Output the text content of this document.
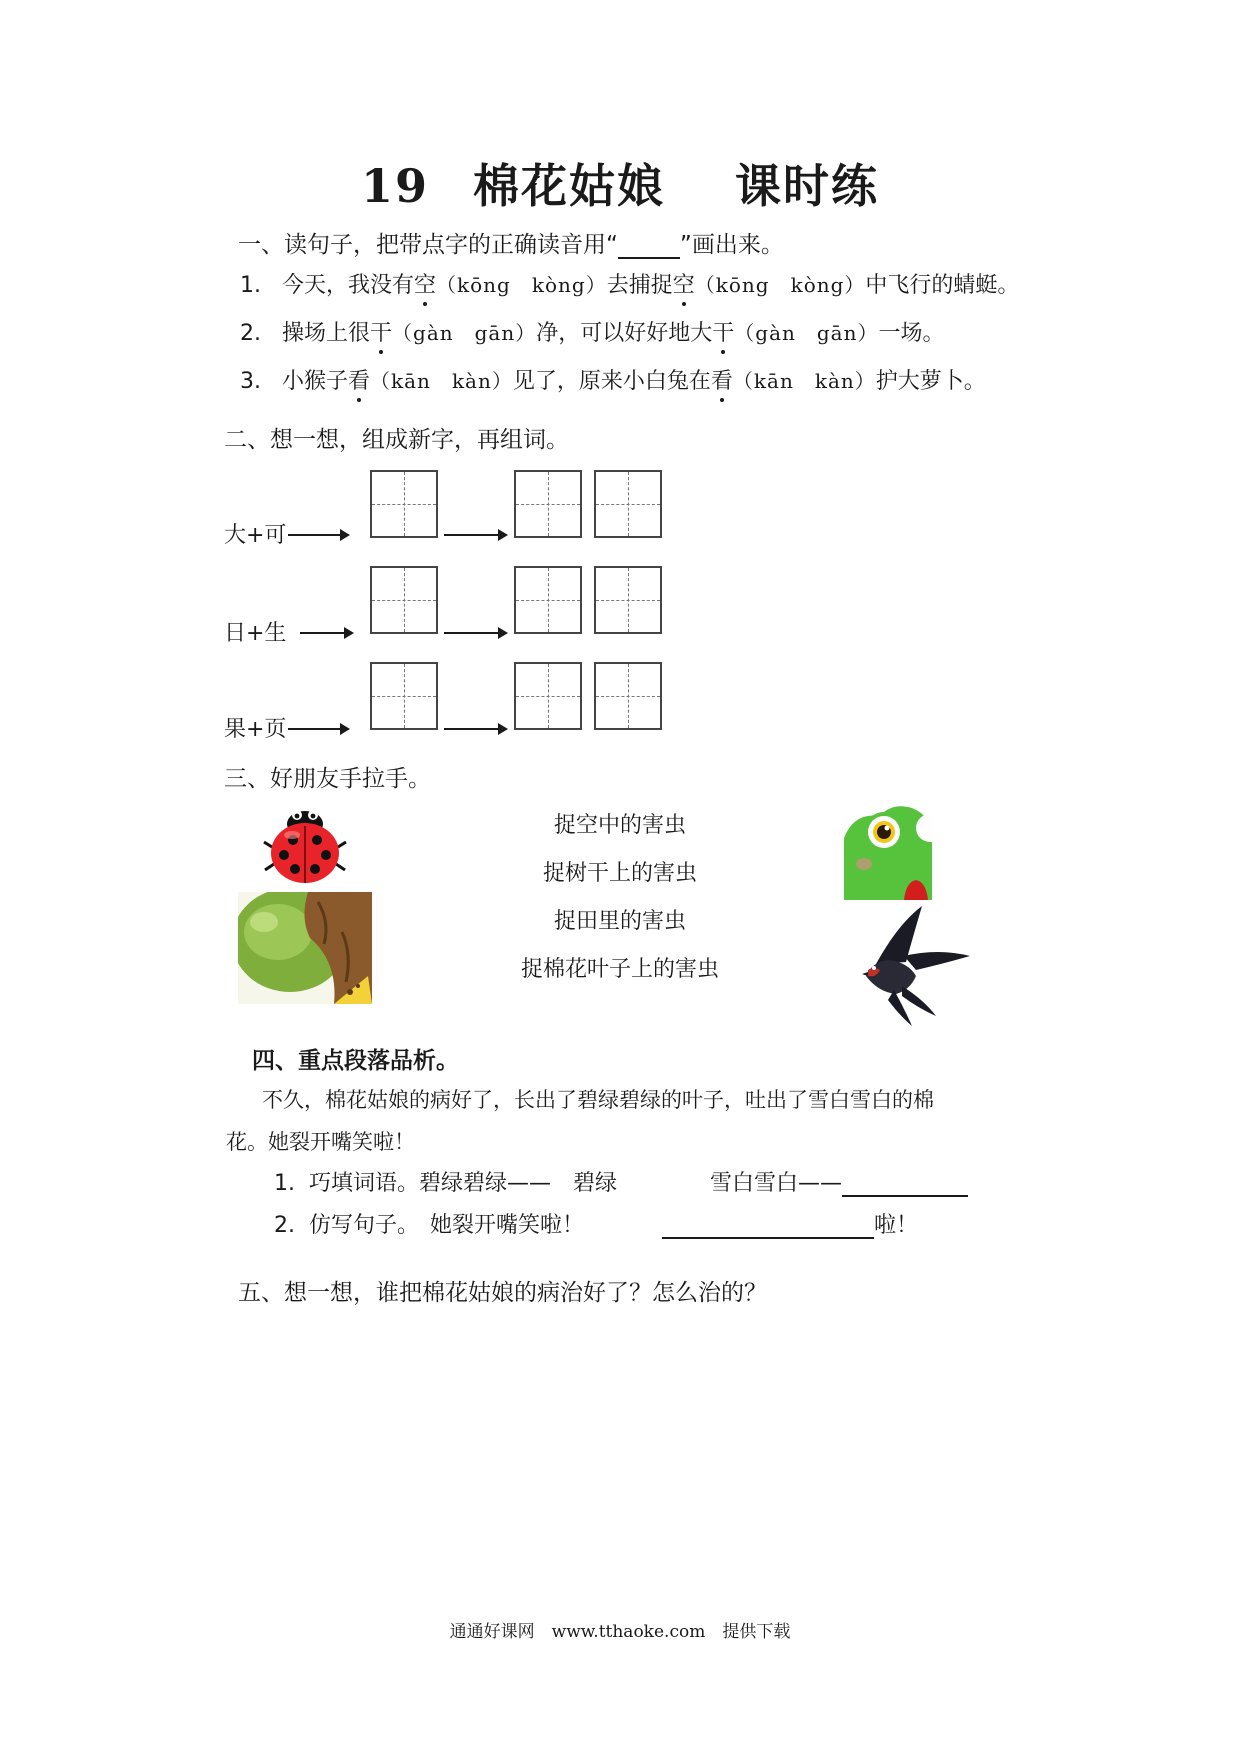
19 棉花姑娘 课时练
一、读句子，把带点字的正确读音用“	”画出来。
1. 今天，我没有空（kōng　kòng）去捕捉空（kōng　kòng）中飞行的蜻蜓。
2. 操场上很干（gàn　gān）净，可以好好地大干（gàn　gān）一场。
3. 小猴子看（kān　kàn）见了，原来小白兔在看（kān　kàn）护大萝卜。
二、想一想，组成新字，再组词。
大+可
日+生
果+页
三、好朋友手拉手。
捉空中的害虫
捉树干上的害虫
捉田里的害虫
捉棉花叶子上的害虫
四、重点段落品析。
不久，棉花姑娘的病好了，长出了碧绿碧绿的叶子，吐出了雪白雪白的棉
花。她裂开嘴笑啦！
1. 巧填词语。碧绿碧绿——　碧绿	雪白雪白——
2. 仿写句子。　她裂开嘴笑啦！	啦！
五、想一想，谁把棉花姑娘的病治好了？怎么治的？
通通好课网　www.tthaoke.com　提供下载
